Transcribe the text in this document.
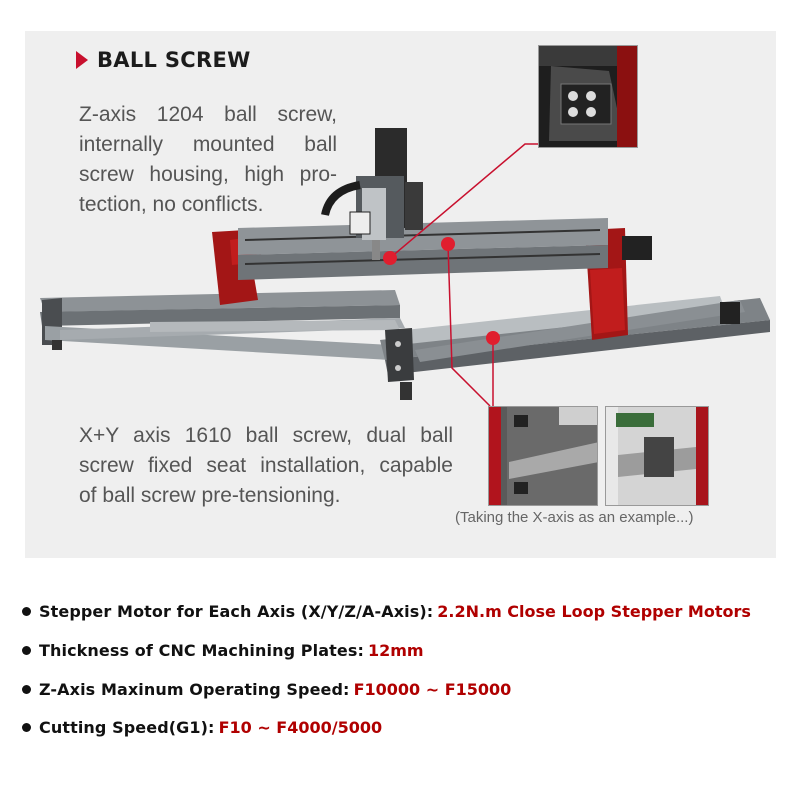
BALL SCREW
Z-axis 1204 ball screw,
internally mounted ball
screw housing, high pro-
tection, no conflicts.
X+Y axis 1610 ball screw, dual ball
screw fixed seat installation, capable
of ball screw pre-tensioning.
(Taking the X-axis as an example...)
Stepper Motor for Each Axis (X/Y/Z/A-Axis): 2.2N.m Close Loop Stepper Motors
Thickness of CNC Machining Plates: 12mm
Z-Axis Maxinum Operating Speed: F10000 ~ F15000
Cutting Speed(G1): F10 ~ F4000/5000
